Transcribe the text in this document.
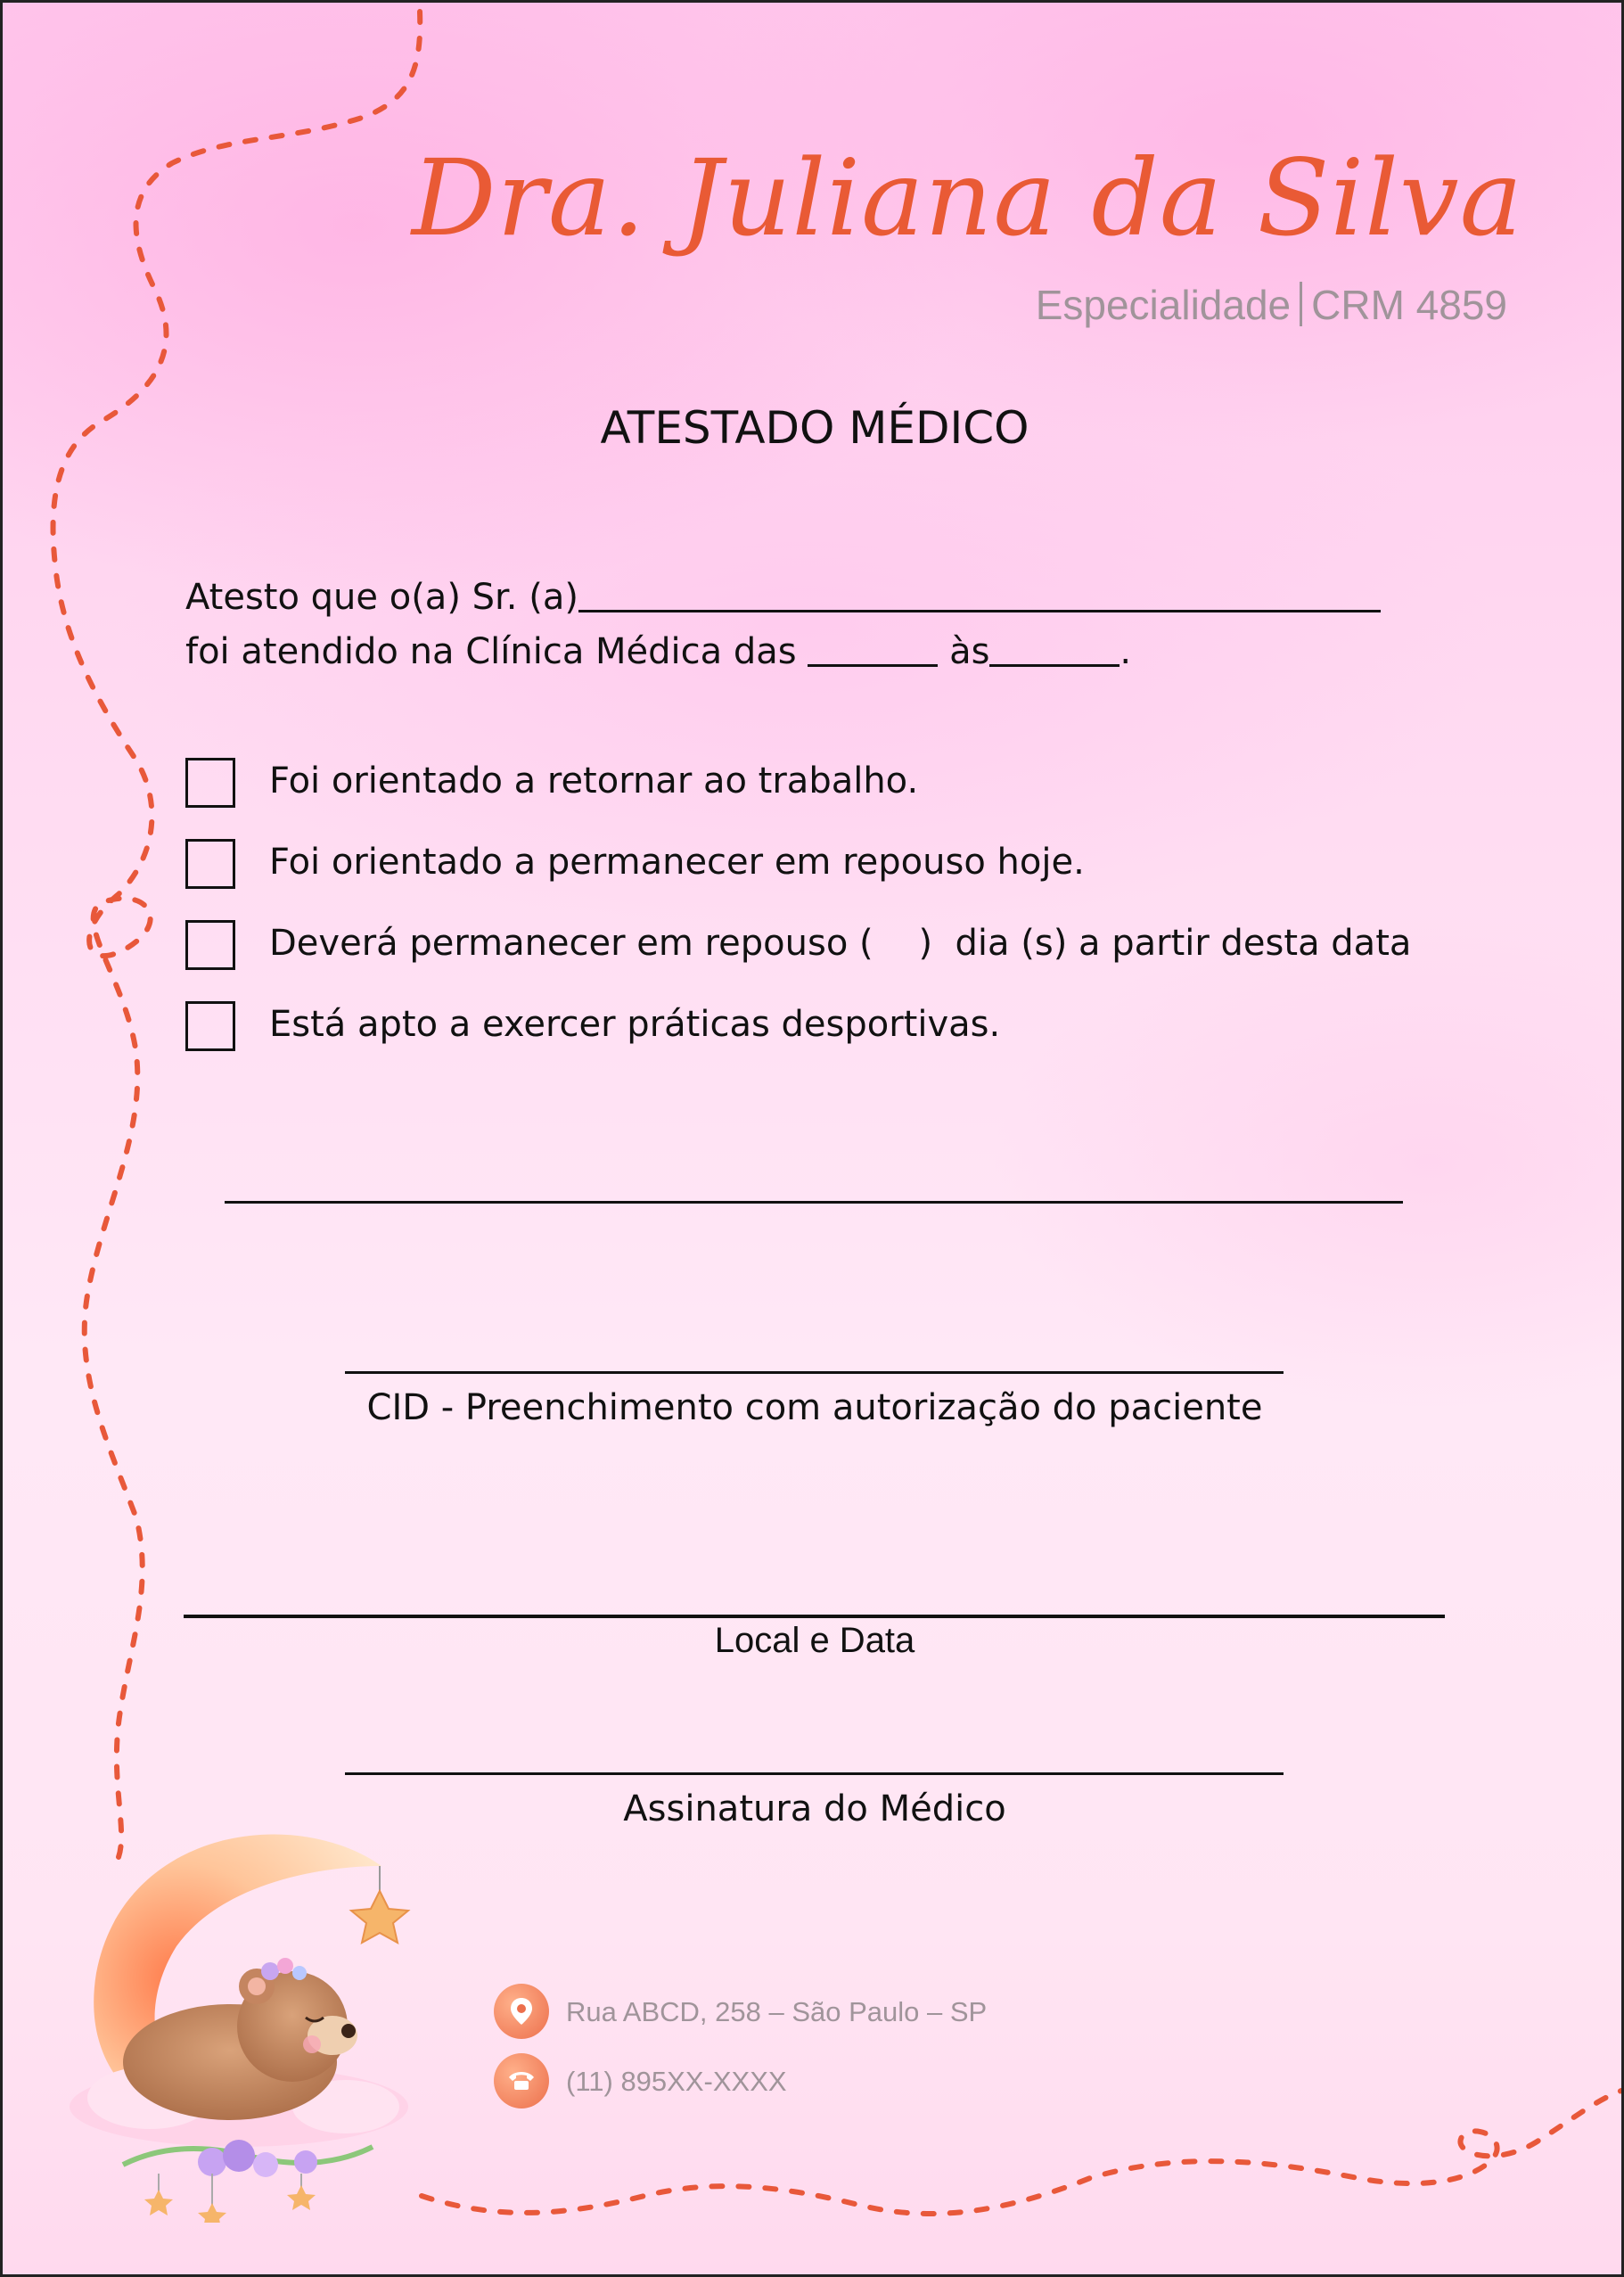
Dra. Juliana da Silva
Especialidade CRM 4859
ATESTADO MÉDICO
Atesto que o(a) Sr. (a)
foi atendido na Clínica Médica das	às	.
Foi orientado a retornar ao trabalho.
Foi orientado a permanecer em repouso hoje.
Deverá permanecer em repouso (    )  dia (s) a partir desta data
Está apto a exercer práticas desportivas.
CID - Preenchimento com autorização do paciente
Local e Data
Assinatura do Médico
Rua ABCD, 258 – São Paulo – SP
(11) 895XX-XXXX
